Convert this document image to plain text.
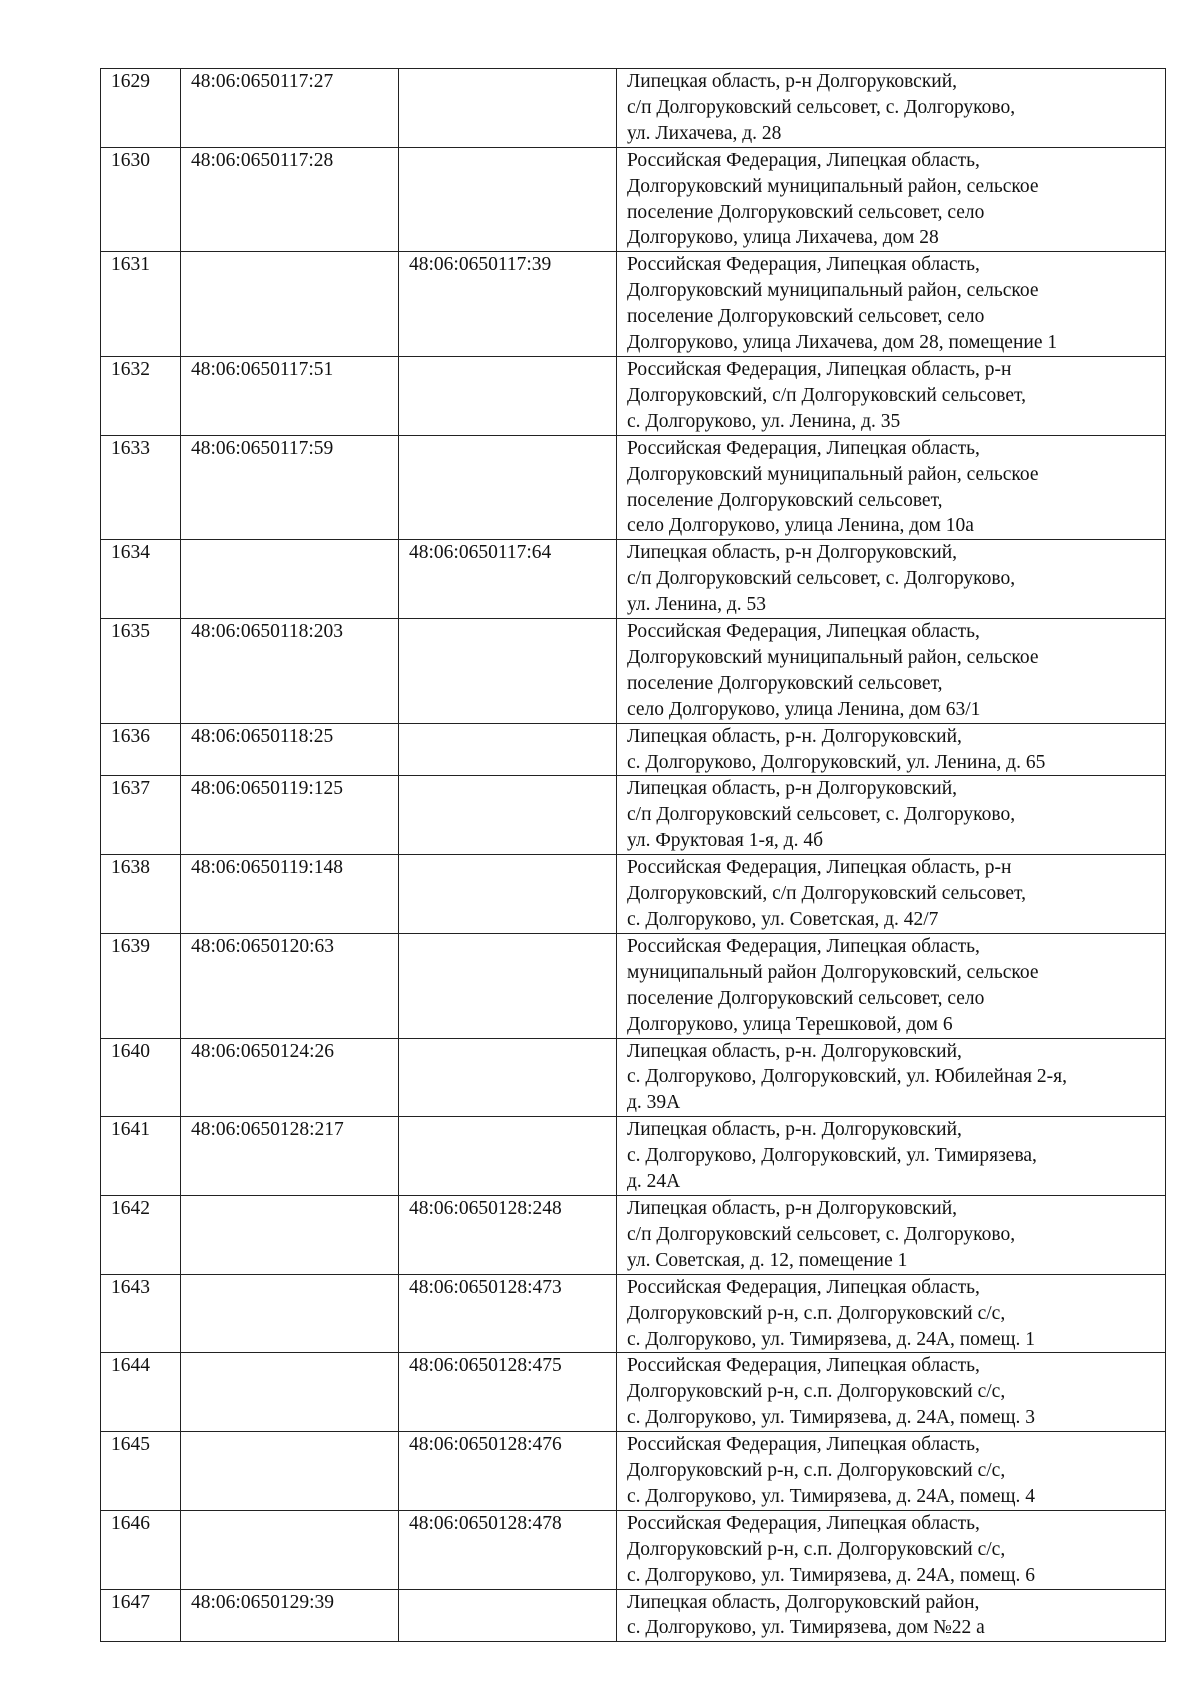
1629	48:06:0650117:27		Липецкая область, р-н Долгоруковский,
с/п Долгоруковский сельсовет, с. Долгоруково,
ул. Лихачева, д. 28
1630	48:06:0650117:28		Российская Федерация, Липецкая область,
Долгоруковский муниципальный район, сельское
поселение Долгоруковский сельсовет, село
Долгоруково, улица Лихачева, дом 28
1631		48:06:0650117:39	Российская Федерация, Липецкая область,
Долгоруковский муниципальный район, сельское
поселение Долгоруковский сельсовет, село
Долгоруково, улица Лихачева, дом 28, помещение 1
1632	48:06:0650117:51		Российская Федерация, Липецкая область, р-н
Долгоруковский, с/п Долгоруковский сельсовет,
с. Долгоруково, ул. Ленина, д. 35
1633	48:06:0650117:59		Российская Федерация, Липецкая область,
Долгоруковский муниципальный район, сельское
поселение Долгоруковский сельсовет,
село Долгоруково, улица Ленина, дом 10а
1634		48:06:0650117:64	Липецкая область, р-н Долгоруковский,
с/п Долгоруковский сельсовет, с. Долгоруково,
ул. Ленина, д. 53
1635	48:06:0650118:203		Российская Федерация, Липецкая область,
Долгоруковский муниципальный район, сельское
поселение Долгоруковский сельсовет,
село Долгоруково, улица Ленина, дом 63/1
1636	48:06:0650118:25		Липецкая область, р-н. Долгоруковский,
с. Долгоруково, Долгоруковский, ул. Ленина, д. 65
1637	48:06:0650119:125		Липецкая область, р-н Долгоруковский,
с/п Долгоруковский сельсовет, с. Долгоруково,
ул. Фруктовая 1-я, д. 4б
1638	48:06:0650119:148		Российская Федерация, Липецкая область, р-н
Долгоруковский, с/п Долгоруковский сельсовет,
с. Долгоруково, ул. Советская, д. 42/7
1639	48:06:0650120:63		Российская Федерация, Липецкая область,
муниципальный район Долгоруковский, сельское
поселение Долгоруковский сельсовет, село
Долгоруково, улица Терешковой, дом 6
1640	48:06:0650124:26		Липецкая область, р-н. Долгоруковский,
с. Долгоруково, Долгоруковский, ул. Юбилейная 2-я,
д. 39А
1641	48:06:0650128:217		Липецкая область, р-н. Долгоруковский,
с. Долгоруково, Долгоруковский, ул. Тимирязева,
д. 24А
1642		48:06:0650128:248	Липецкая область, р-н Долгоруковский,
с/п Долгоруковский сельсовет, с. Долгоруково,
ул. Советская, д. 12, помещение 1
1643		48:06:0650128:473	Российская Федерация, Липецкая область,
Долгоруковский р-н, с.п. Долгоруковский с/с,
с. Долгоруково, ул. Тимирязева, д. 24А, помещ. 1
1644		48:06:0650128:475	Российская Федерация, Липецкая область,
Долгоруковский р-н, с.п. Долгоруковский с/с,
с. Долгоруково, ул. Тимирязева, д. 24А, помещ. 3
1645		48:06:0650128:476	Российская Федерация, Липецкая область,
Долгоруковский р-н, с.п. Долгоруковский с/с,
с. Долгоруково, ул. Тимирязева, д. 24А, помещ. 4
1646		48:06:0650128:478	Российская Федерация, Липецкая область,
Долгоруковский р-н, с.п. Долгоруковский с/с,
с. Долгоруково, ул. Тимирязева, д. 24А, помещ. 6
1647	48:06:0650129:39		Липецкая область, Долгоруковский район,
с. Долгоруково, ул. Тимирязева, дом №22 а
